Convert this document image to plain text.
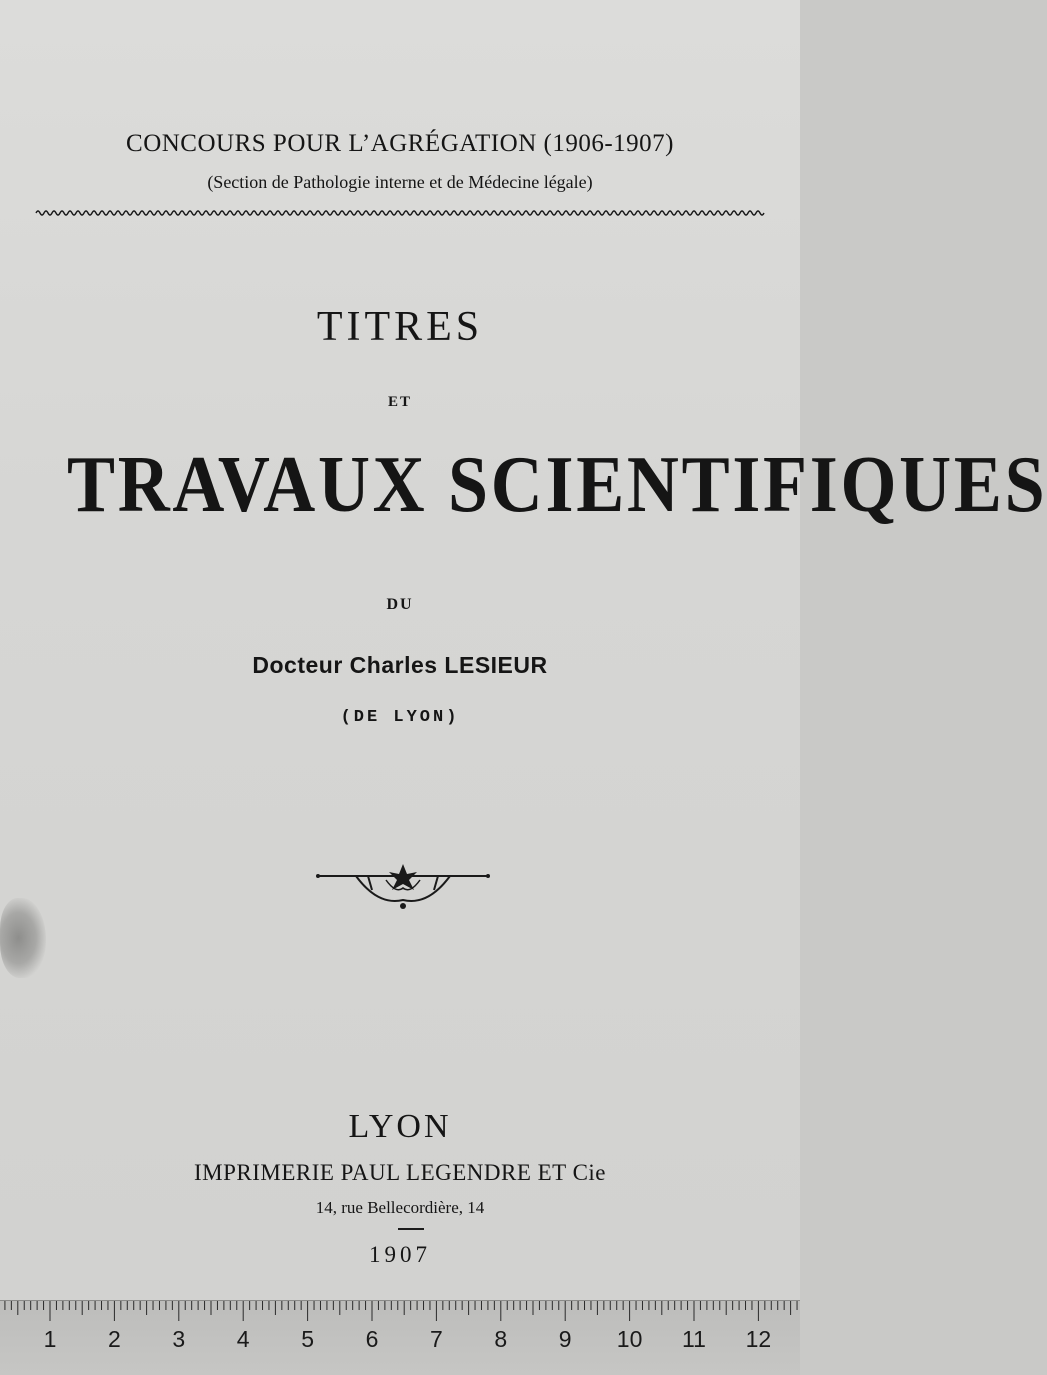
CONCOURS POUR L’AGRÉGATION (1906-1907)
(Section de Pathologie interne et de Médecine légale)
TITRES
ET
TRAVAUX SCIENTIFIQUES
DU
Docteur Charles LESIEUR
(DE LYON)
LYON
IMPRIMERIE PAUL LEGENDRE ET Cie
14, rue Bellecordière, 14
1907
1	2	3	4	5	6	7	8	9	10 11 12
